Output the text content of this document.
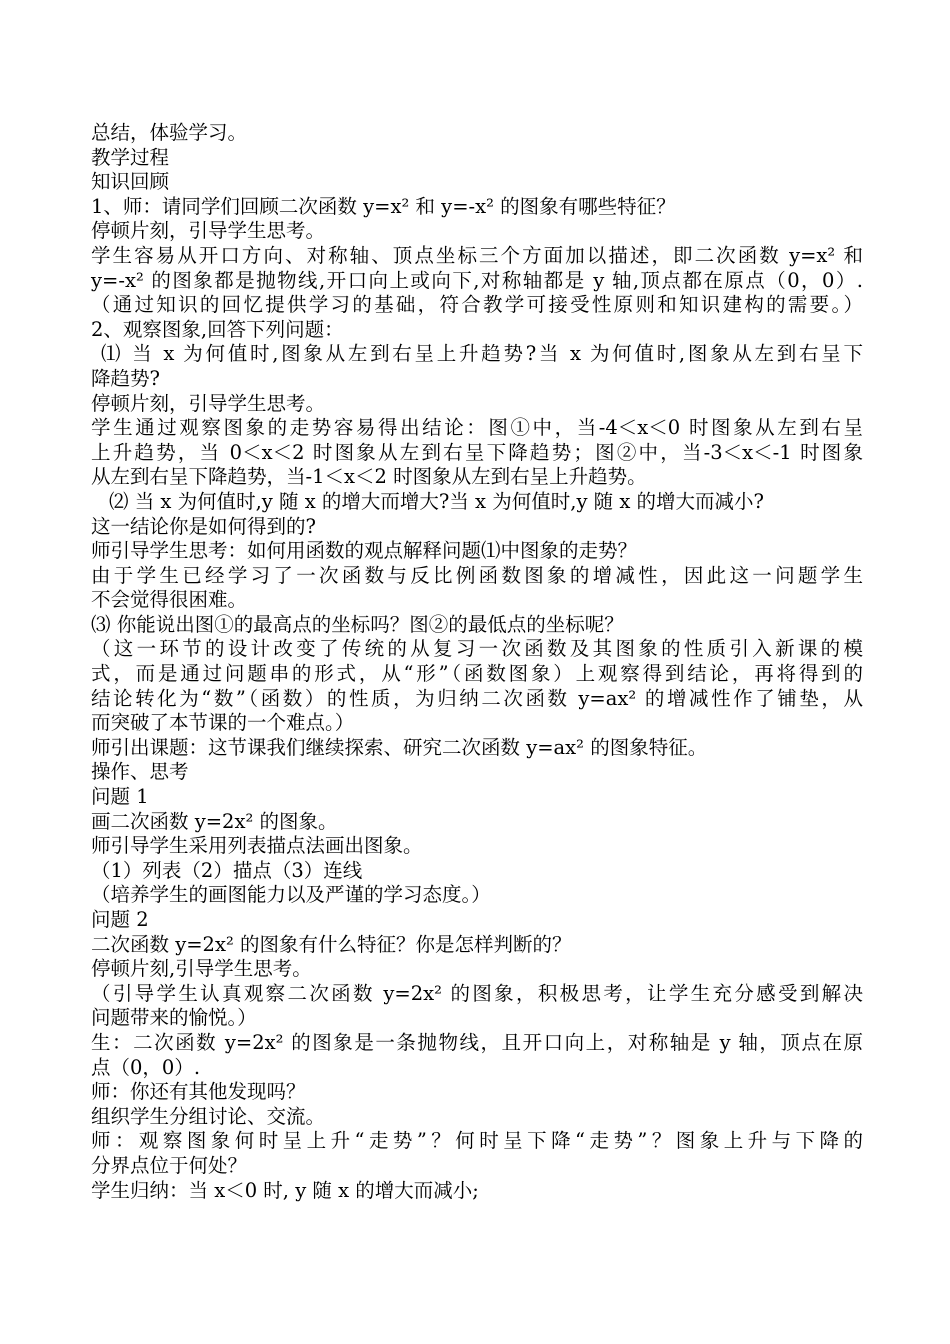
总结，体验学习。
教学过程
知识回顾
1、师：请同学们回顾二次函数 y=x² 和 y=-x² 的图象有哪些特征？
停顿片刻，引导学生思考。
学生容易从开口方向、对称轴、顶点坐标三个方面加以描述，即二次函数 y=x² 和
y=-x² 的图象都是抛物线,开口向上或向下,对称轴都是 y 轴,顶点都在原点（0，0）.
（通过知识的回忆提供学习的基础，符合教学可接受性原则和知识建构的需要。）
2、观察图象,回答下列问题：
⑴ 当 x 为何值时,图象从左到右呈上升趋势?当 x 为何值时,图象从左到右呈下
降趋势?
停顿片刻，引导学生思考。
学生通过观察图象的走势容易得出结论：图①中，当-4＜x＜0 时图象从左到右呈
上升趋势，当 0＜x＜2 时图象从左到右呈下降趋势；图②中，当-3＜x＜-1 时图象
从左到右呈下降趋势，当-1＜x＜2 时图象从左到右呈上升趋势。
⑵ 当 x 为何值时,y 随 x 的增大而增大?当 x 为何值时,y 随 x 的增大而减小?
这一结论你是如何得到的?
师引导学生思考：如何用函数的观点解释问题⑴中图象的走势？
由于学生已经学习了一次函数与反比例函数图象的增减性，因此这一问题学生
不会觉得很困难。
⑶ 你能说出图①的最高点的坐标吗？图②的最低点的坐标呢？
（这一环节的设计改变了传统的从复习一次函数及其图象的性质引入新课的模
式，而是通过问题串的形式，从“形”（函数图象）上观察得到结论，再将得到的
结论转化为“数”（函数）的性质，为归纳二次函数 y=ax² 的增减性作了铺垫，从
而突破了本节课的一个难点。）
师引出课题：这节课我们继续探索、研究二次函数 y=ax² 的图象特征。
操作、思考
问题 1
画二次函数 y=2x² 的图象。
师引导学生采用列表描点法画出图象。
（1）列表（2）描点（3）连线
（培养学生的画图能力以及严谨的学习态度。）
问题 2
二次函数 y=2x² 的图象有什么特征？你是怎样判断的？
停顿片刻,引导学生思考。
（引导学生认真观察二次函数 y=2x² 的图象，积极思考，让学生充分感受到解决
问题带来的愉悦。）
生：二次函数 y=2x² 的图象是一条抛物线，且开口向上，对称轴是 y 轴，顶点在原
点（0，0）.
师：你还有其他发现吗？
组织学生分组讨论、交流。
师：观察图象何时呈上升“走势”？何时呈下降“走势”？图象上升与下降的
分界点位于何处？
学生归纳：当 x＜0 时, y 随 x 的增大而减小;
